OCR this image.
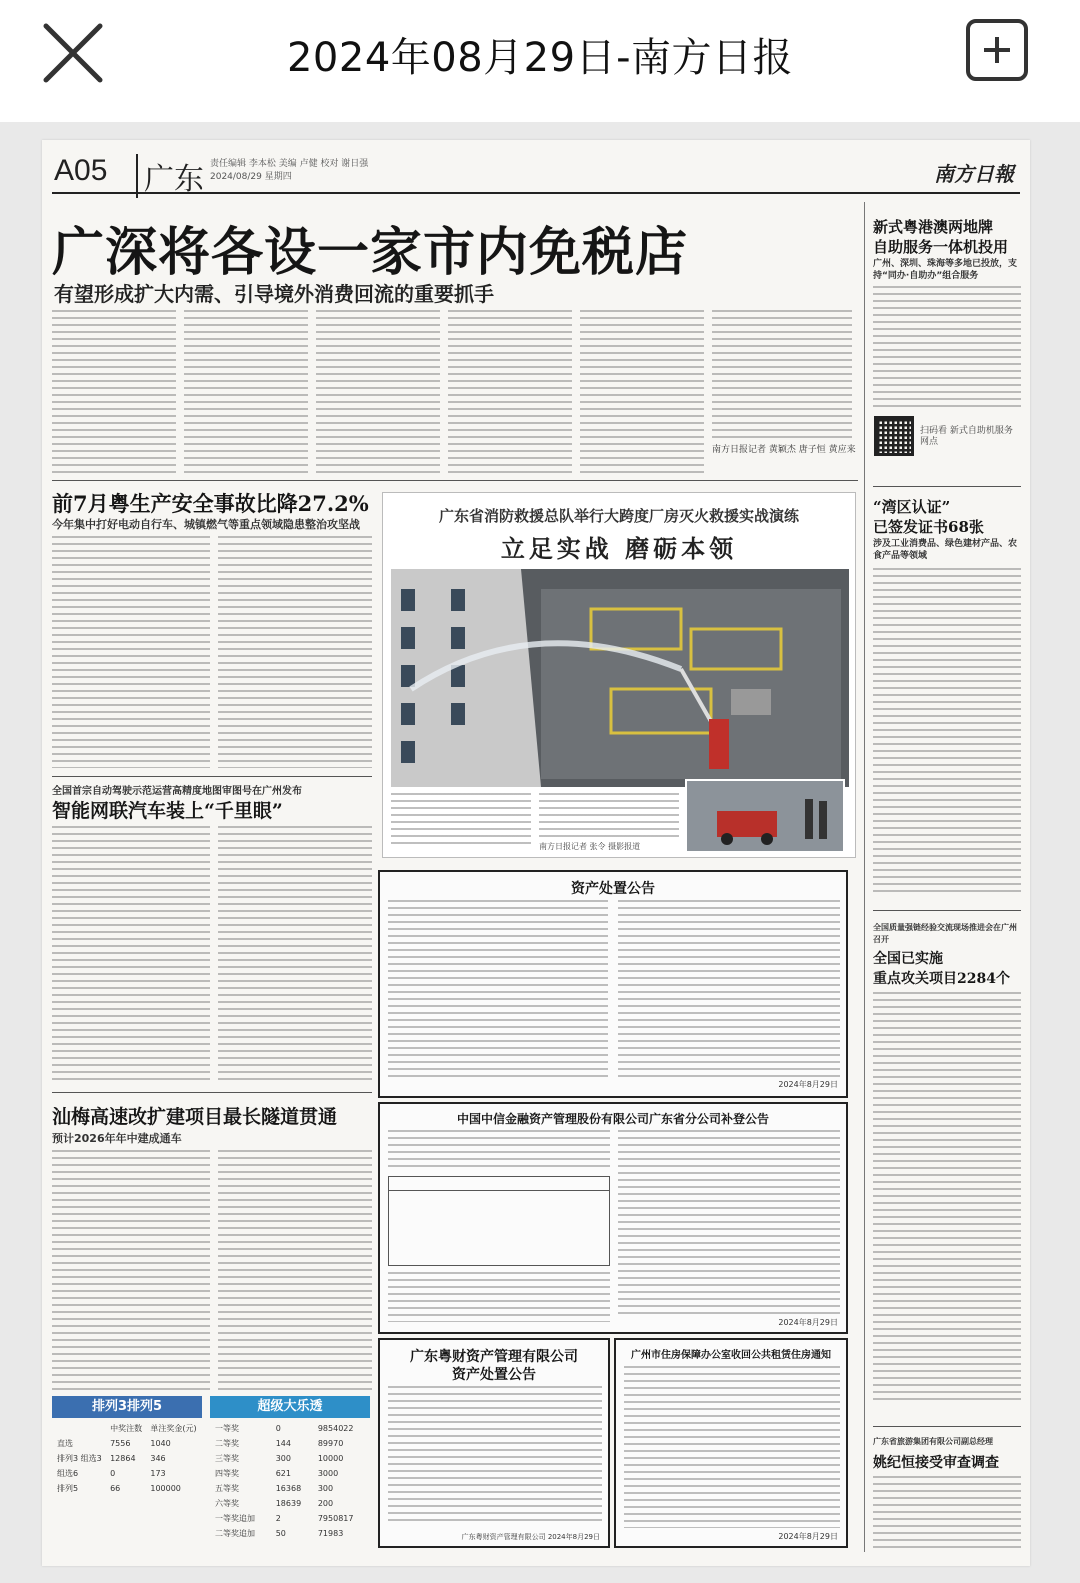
2024年08月29日-南方日报
A05 广东 责任编辑 李本松 美编 卢健 校对 谢日强
2024/08/29 星期四	南方日報
广深将各设一家市内免税店
有望形成扩大内需、引导境外消费回流的重要抓手
南方日报记者 黄颖杰 唐子恒 黄应来
前7月粤生产安全事故比降27.2%
今年集中打好电动自行车、城镇燃气等重点领域隐患整治攻坚战
全国首宗自动驾驶示范运营高精度地图审图号在广州发布
智能网联汽车装上“千里眼”
汕梅高速改扩建项目最长隧道贯通
预计2026年年中建成通车
广东省消防救援总队举行大跨度厂房灭火救援实战演练
立足实战 磨砺本领
南方日报记者 张令 摄影报道
资产处置公告
2024年8月29日
中国中信金融资产管理股份有限公司广东省分公司补登公告
2024年8月29日
广东粤财资产管理有限公司
资产处置公告
广东粤财资产管理有限公司 2024年8月29日
广州市住房保障办公室收回公共租赁住房通知
2024年8月29日
排列3排列5
	中奖注数	单注奖金(元)
直选	7556	1040
排列3 组选3	12864	346
组选6	0	173
排列5	66	100000
超级大乐透
一等奖	0	9854022
二等奖	144	89970
三等奖	300	10000
四等奖	621	3000
五等奖	16368	300
六等奖	18639	200
一等奖追加	2	7950817
二等奖追加	50	71983
新式粤港澳两地牌
自助服务一体机投用
广州、深圳、珠海等多地已投放，支持“同办·自助办”组合服务
扫码看 新式自助机服务网点
“湾区认证”
已签发证书68张
涉及工业消费品、绿色建材产品、农食产品等领域
全国质量强链经验交流现场推进会在广州召开
全国已实施
重点攻关项目2284个
广东省旅游集团有限公司副总经理
姚纪恒接受审查调查
